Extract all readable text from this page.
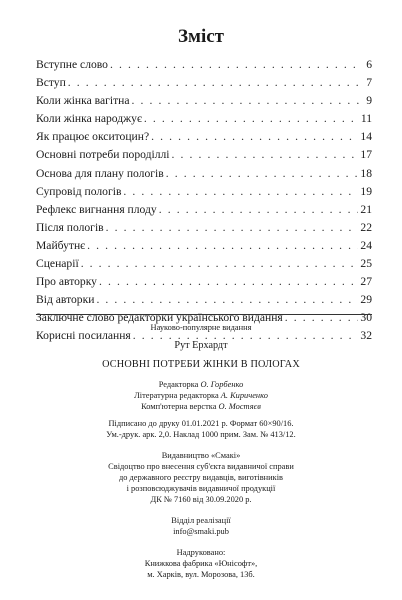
Зміст
Вступне слово . . .	6
Вступ . . .	7
Коли жінка вагітна . . .	9
Коли жінка народжує . . .	11
Як працює окситоцин? . . .	14
Основні потреби породіллі . . .	17
Основа для плану пологів . . .	18
Супровід пологів . . .	19
Рефлекс вигнання плоду . . .	21
Після пологів . . .	22
Майбутнє . . .	24
Сценарії . . .	25
Про авторку . . .	27
Від авторки . . .	29
Заключне слово редакторки українського видання . . .	30
Корисні посилання . . .	32
Науково-популярне видання
Рут Ерхардт
ОСНОВНІ ПОТРЕБИ ЖІНКИ В ПОЛОГАХ
Редакторка О. Горбенко
Літературна редакторка А. Кириченко
Комп'ютерна верстка О. Мостяєв
Підписано до друку 01.01.2021 р. Формат 60×90/16.
Ум.-друк. арк. 2,0. Наклад 1000 прим. Зам. № 413/12.
Видавництво «Смакі»
Свідоцтво про внесення суб'єкта видавничої справи
до державного реєстру видавців, виготівників
і розповсюджувачів видавничої продукції
ДК № 7160 від 30.09.2020 р.
Відділ реалізації
info@smaki.pub
Надруковано:
Книжкова фабрика «Юнісофт»,
м. Харків, вул. Морозова, 13б.
